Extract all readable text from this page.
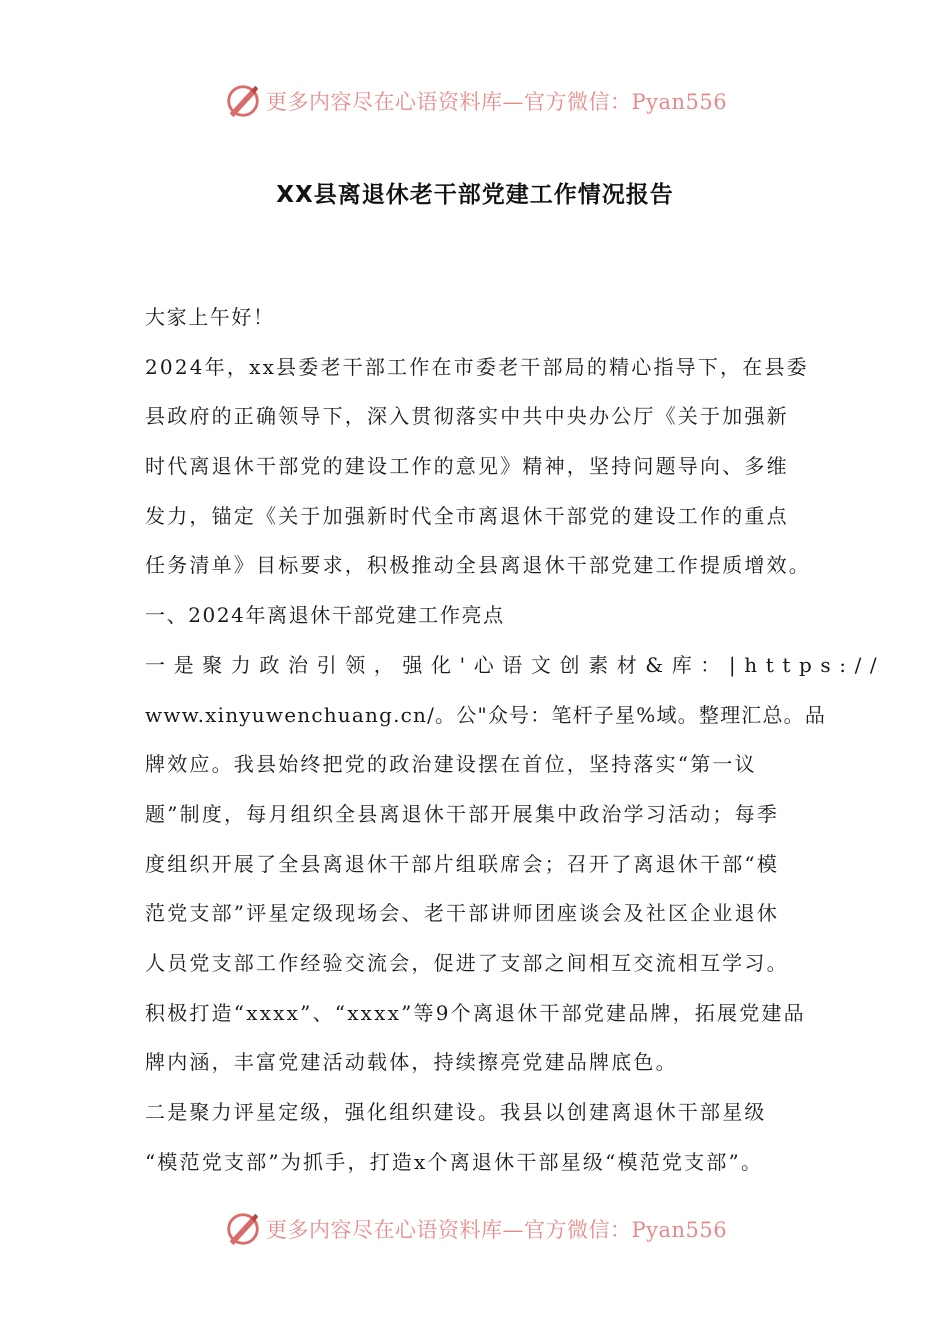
更多内容尽在心语资料库—官方微信：Pyan556
XX县离退休老干部党建工作情况报告
大家上午好！
2024年，xx县委老干部工作在市委老干部局的精心指导下，在县委
县政府的正确领导下，深入贯彻落实中共中央办公厅《关于加强新
时代离退休干部党的建设工作的意见》精神，坚持问题导向、多维
发力，锚定《关于加强新时代全市离退休干部党的建设工作的重点
任务清单》目标要求，积极推动全县离退休干部党建工作提质增效。
一、2024年离退休干部党建工作亮点
一是聚力政治引领，强化'心语文创素材&库：|https://
www.xinyuwenchuang.cn/。公"众号：笔杆子星%域。整理汇总。品
牌效应。我县始终把党的政治建设摆在首位，坚持落实“第一议
题”制度，每月组织全县离退休干部开展集中政治学习活动；每季
度组织开展了全县离退休干部片组联席会；召开了离退休干部“模
范党支部”评星定级现场会、老干部讲师团座谈会及社区企业退休
人员党支部工作经验交流会，促进了支部之间相互交流相互学习。
积极打造“xxxx”、“xxxx”等9个离退休干部党建品牌，拓展党建品
牌内涵，丰富党建活动载体，持续擦亮党建品牌底色。
二是聚力评星定级，强化组织建设。我县以创建离退休干部星级
“模范党支部”为抓手，打造x个离退休干部星级“模范党支部”。
更多内容尽在心语资料库—官方微信：Pyan556
